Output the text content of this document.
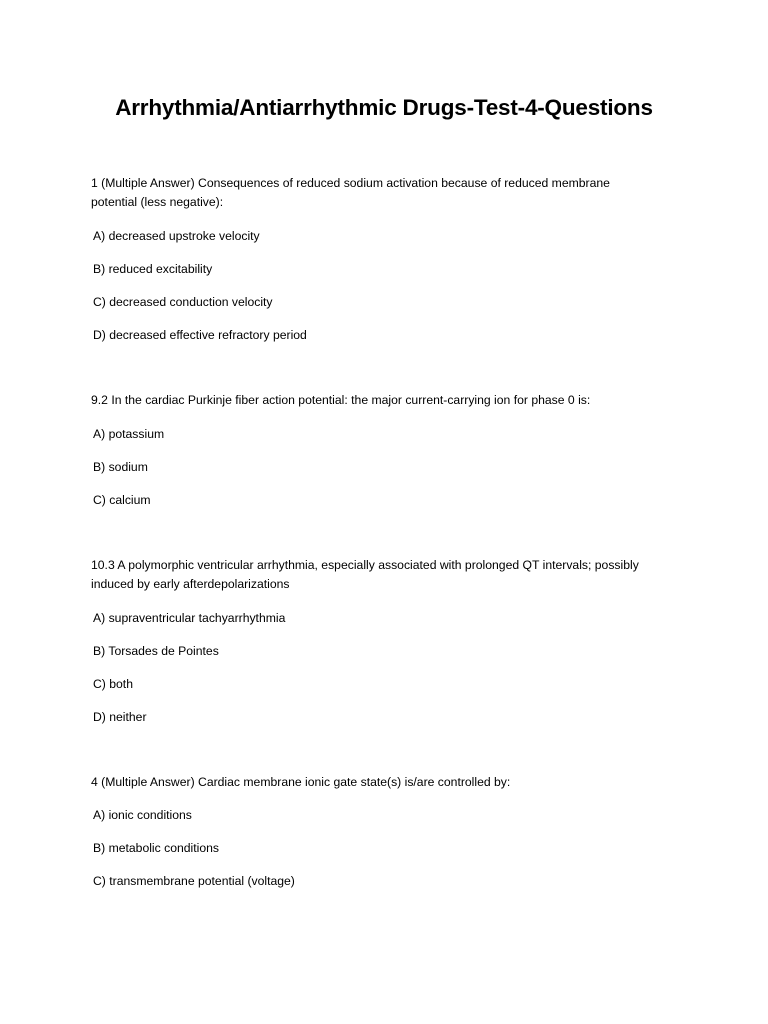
Arrhythmia/Antiarrhythmic Drugs-Test-4-Questions
1 (Multiple Answer) Consequences of reduced sodium activation because of reduced membrane
potential (less negative):
A) decreased upstroke velocity
B) reduced excitability
C) decreased conduction velocity
D) decreased effective refractory period
9.2 In the cardiac Purkinje fiber action potential: the major current-carrying ion for phase 0 is:
A) potassium
B) sodium
C) calcium
10.3 A polymorphic ventricular arrhythmia, especially associated with prolonged QT intervals; possibly
induced by early afterdepolarizations
A) supraventricular tachyarrhythmia
B) Torsades de Pointes
C) both
D) neither
4 (Multiple Answer) Cardiac membrane ionic gate state(s) is/are controlled by:
A) ionic conditions
B) metabolic conditions
C) transmembrane potential (voltage)
